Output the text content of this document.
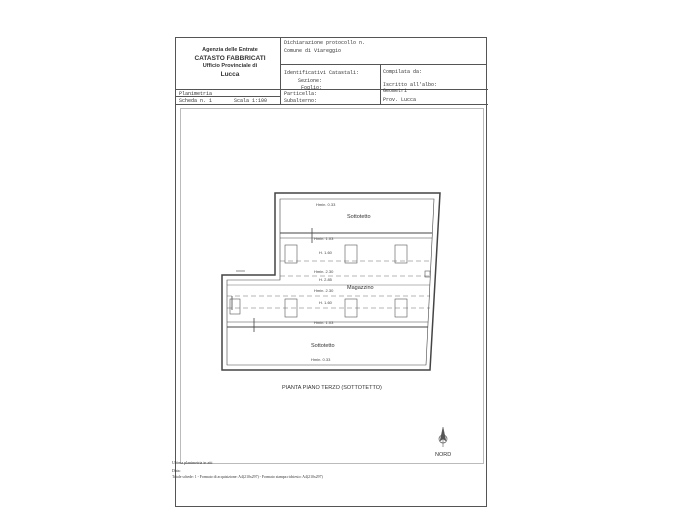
Agenzia delle Entrate
CATASTO FABBRICATI
Ufficio Provinciale di
Lucca
Dichiarazione protocollo n.
Comune di Viareggio
Identificativi Catastali:
Sezione:
Foglio:
Particella:
Subalterno:
Compilata da:
Iscritto all'albo:
Geometri
Prov. Lucca
Planimetria
Scheda n. 1	Scala 1:100
Hmin. 0.33
Sottotetto
Hmin. 1.03
H. 1.60
Hmin. 2.30
H. 2.85
Magazzino
Hmin. 2.30
H. 1.60
Hmin. 1.03
Sottotetto
Hmin. 0.33
PIANTA PIANO TERZO (SOTTOTETTO)
NORD
Ultima planimetria in atti
Data:
Totale schede: 1 - Formato di acquisizione: A4(210x297) - Formato stampa richiesto: A4(210x297)
